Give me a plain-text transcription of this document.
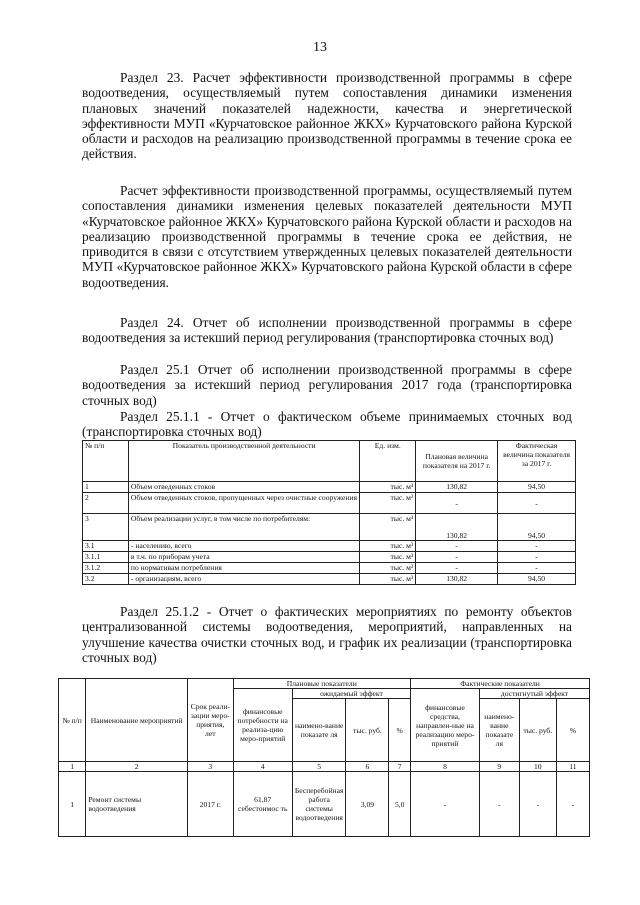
13

Раздел 23. Расчет эффективности производственной программы в сфере водоотведения, осуществляемый путем сопоставления динамики изменения плановых значений показателей надежности, качества и энергетической эффективности МУП «Курчатовское районное ЖКХ» Курчатовского района Курской области и расходов на реализацию производственной программы в течение срока ее действия.

Расчет эффективности производственной программы, осуществляемый путем сопоставления динамики изменения целевых показателей деятельности МУП «Курчатовское районное ЖКХ» Курчатовского района Курской области и расходов на реализацию производственной программы в течение срока ее действия, не приводится в связи с отсутствием утвержденных целевых показателей деятельности МУП «Курчатовское районное ЖКХ» Курчатовского района Курской области в сфере водоотведения.

Раздел 24. Отчет об исполнении производственной программы в сфере водоотведения за истекший период регулирования (транспортировка сточных вод)

Раздел 25.1 Отчет об исполнении производственной программы в сфере водоотведения за истекший период регулирования 2017 года (транспортировка сточных вод)

Раздел 25.1.1 - Отчет о фактическом объеме принимаемых сточных вод (транспортировка сточных вод)

№ п/п	Показатель производственной деятельности	Ед. изм.	Плановая величина показателя на 2017 г.	Фактическая величина показателя за 2017 г.
1	Объем отведенных стоков	тыс. м³	130,82	94,50
2	Объем отведенных стоков, пропущенных через очистные сооружения	тыс. м³	-	-
3	Объем реализации услуг, в том числе по потребителям:	тыс. м³	130,82	94,50
3.1	- населению, всего	тыс. м³	-	-
3.1.1	в т.ч. по приборам учета	тыс. м³	-	-
3.1.2	по нормативам потребления	тыс. м³	-	-
3.2	- организациям, всего	тыс. м³	130,82	94,50

Раздел 25.1.2 - Отчет о фактических мероприятиях по ремонту объектов централизованной системы водоотведения, мероприятий, направленных на улучшение качества очистки сточных вод, и график их реализации (транспортировка сточных вод)

№ п/п	Наименование мероприятий	Срок реали-зации меро-приятия, лет	Плановые показатели				Фактические показатели			
			финансовые потребности на реализа-цию меро-приятий	ожидаемый эффект			финансовые средства, направлен-ные на реализацию меро-приятий	достигнутый эффект		
				наимено-вание показате ля	тыс. руб.	%		наимено-вание показате ля	тыс. руб.	%
1	2	3	4	5	6	7	8	9	10	11
1	Ремонт системы водоотведения	2017 г.	61,87 себестоимос ть	Бесперебойная работа системы водоотведения	3,09	5,0	-	-	-	-
